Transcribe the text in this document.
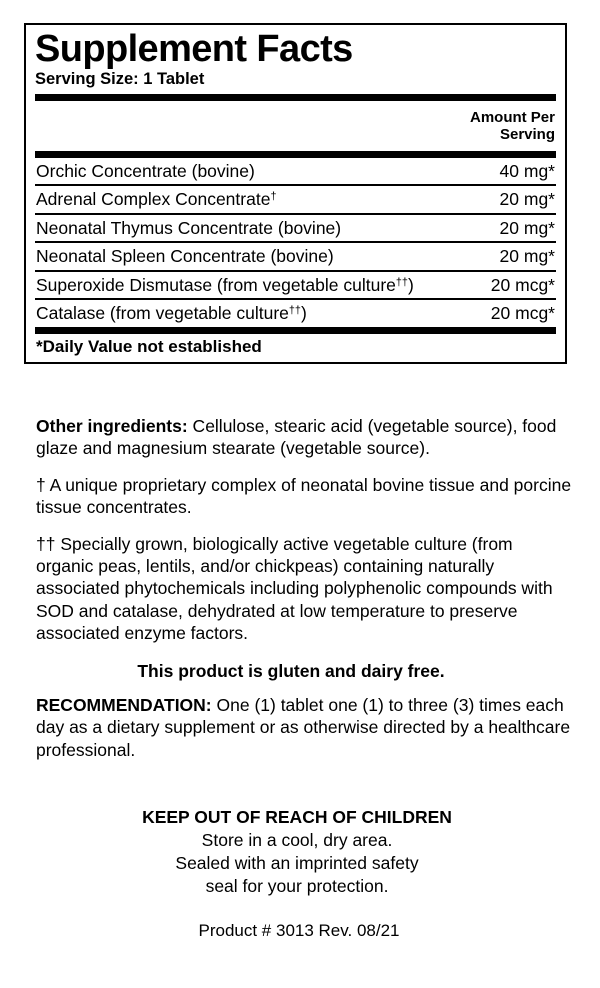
Supplement Facts
Serving Size: 1 Tablet
	Amount Per
Serving

Orchic Concentrate (bovine)	40 mg*

Adrenal Complex Concentrate†	20 mg*

Neonatal Thymus Concentrate (bovine)	20 mg*

Neonatal Spleen Concentrate (bovine)	20 mg*

Superoxide Dismutase (from vegetable culture††)	20 mcg*

Catalase (from vegetable culture††)	20 mcg*
*Daily Value not established

Other ingredients: Cellulose, stearic acid (vegetable source), food glaze and magnesium stearate (vegetable source).

† A unique proprietary complex of neonatal bovine tissue and porcine tissue concentrates.

†† Specially grown, biologically active vegetable culture (from organic peas, lentils, and/or chickpeas) containing naturally associated phytochemicals including polyphenolic compounds with SOD and catalase, dehydrated at low temperature to preserve associated enzyme factors.

This product is gluten and dairy free.

RECOMMENDATION: One (1) tablet one (1) to three (3) times each day as a dietary supplement or as otherwise directed by a healthcare professional.

KEEP OUT OF REACH OF CHILDREN

Store in a cool, dry area.
Sealed with an imprinted safety
seal for your protection.

Product # 3013 Rev. 08/21
